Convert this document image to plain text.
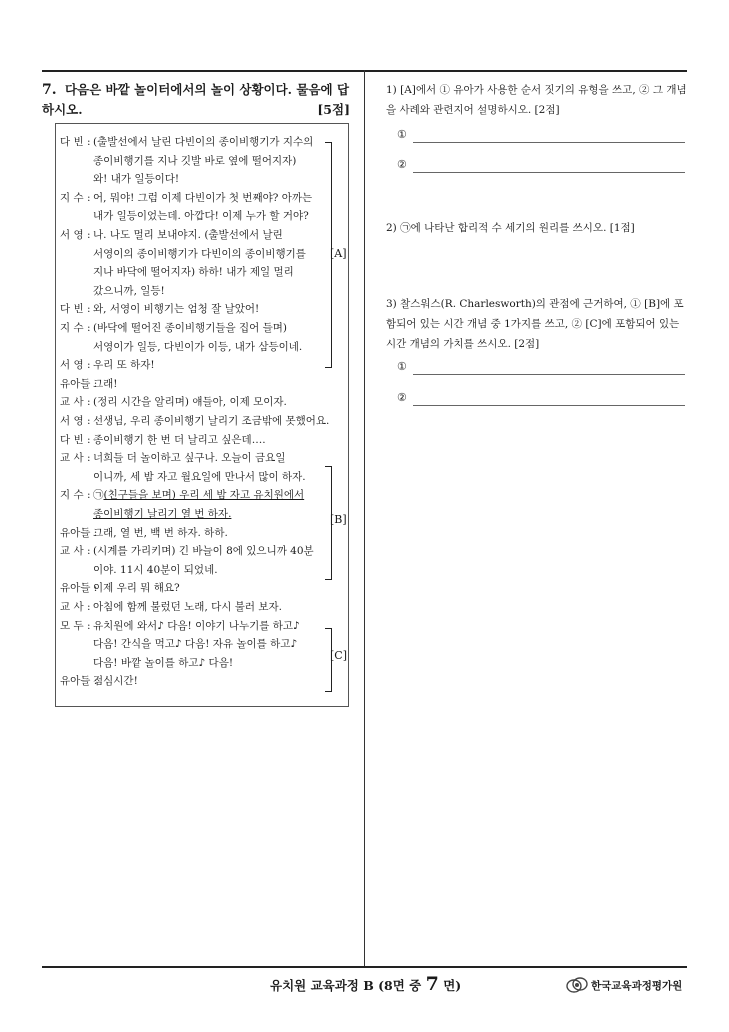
7. 다음은 바깥 놀이터에서의 놀이 상황이다. 물음에 답하시오.	[5점]
다 빈 : (출발선에서 날린 다빈이의 종이비행기가 지수의
종이비행기를 지나 깃발 바로 옆에 떨어지자)
와! 내가 일등이다!
지 수 : 어, 뭐야! 그럼 이제 다빈이가 첫 번째야? 아까는
내가 일등이었는데. 아깝다! 이제 누가 할 거야?
서 영 : 나. 나도 멀리 보내야지. (출발선에서 날린
서영이의 종이비행기가 다빈이의 종이비행기를
지나 바닥에 떨어지자) 하하! 내가 제일 멀리
갔으니까, 일등!
다 빈 : 와, 서영이 비행기는 엄청 잘 날았어!
지 수 : (바닥에 떨어진 종이비행기들을 집어 들며)
서영이가 일등, 다빈이가 이등, 내가 삼등이네.
서 영 : 우리 또 하자!
유아들 :그래!
교 사 : (정리 시간을 알리며) 얘들아, 이제 모이자.
서 영 : 선생님, 우리 종이비행기 날리기 조금밖에 못했어요.
다 빈 : 종이비행기 한 번 더 날리고 싶은데….
교 사 : 너희들 더 놀이하고 싶구나. 오늘이 금요일
이니까, 세 밤 자고 월요일에 만나서 많이 하자.
지 수 : ㉠(친구들을 보며) 우리 세 밤 자고 유치원에서
종이비행기 날리기 열 번 하자.
유아들 :그래, 열 번, 백 번 하자. 하하.
교 사 : (시계를 가리키며) 긴 바늘이 8에 있으니까 40분
이야. 11시 40분이 되었네.
유아들 :이제 우리 뭐 해요?
교 사 : 아침에 함께 불렀던 노래, 다시 불러 보자.
모 두 : 유치원에 와서♪ 다음! 이야기 나누기를 하고♪
다음! 간식을 먹고♪ 다음! 자유 놀이를 하고♪
다음! 바깥 놀이를 하고♪ 다음!
유아들 :점심시간!
[A]
[B]
[C]
1) [A]에서 ① 유아가 사용한 순서 짓기의 유형을 쓰고, ② 그 개념을 사례와 관련지어 설명하시오. [2점]
①
②
2) ㉠에 나타난 합리적 수 세기의 원리를 쓰시오. [1점]
3) 찰스워스(R. Charlesworth)의 관점에 근거하여, ① [B]에 포함되어 있는 시간 개념 중 1가지를 쓰고, ② [C]에 포함되어 있는 시간 개념의 가치를 쓰시오. [2점]
①
②
유치원 교육과정 B (8면 중 7 면)	한국교육과정평가원
